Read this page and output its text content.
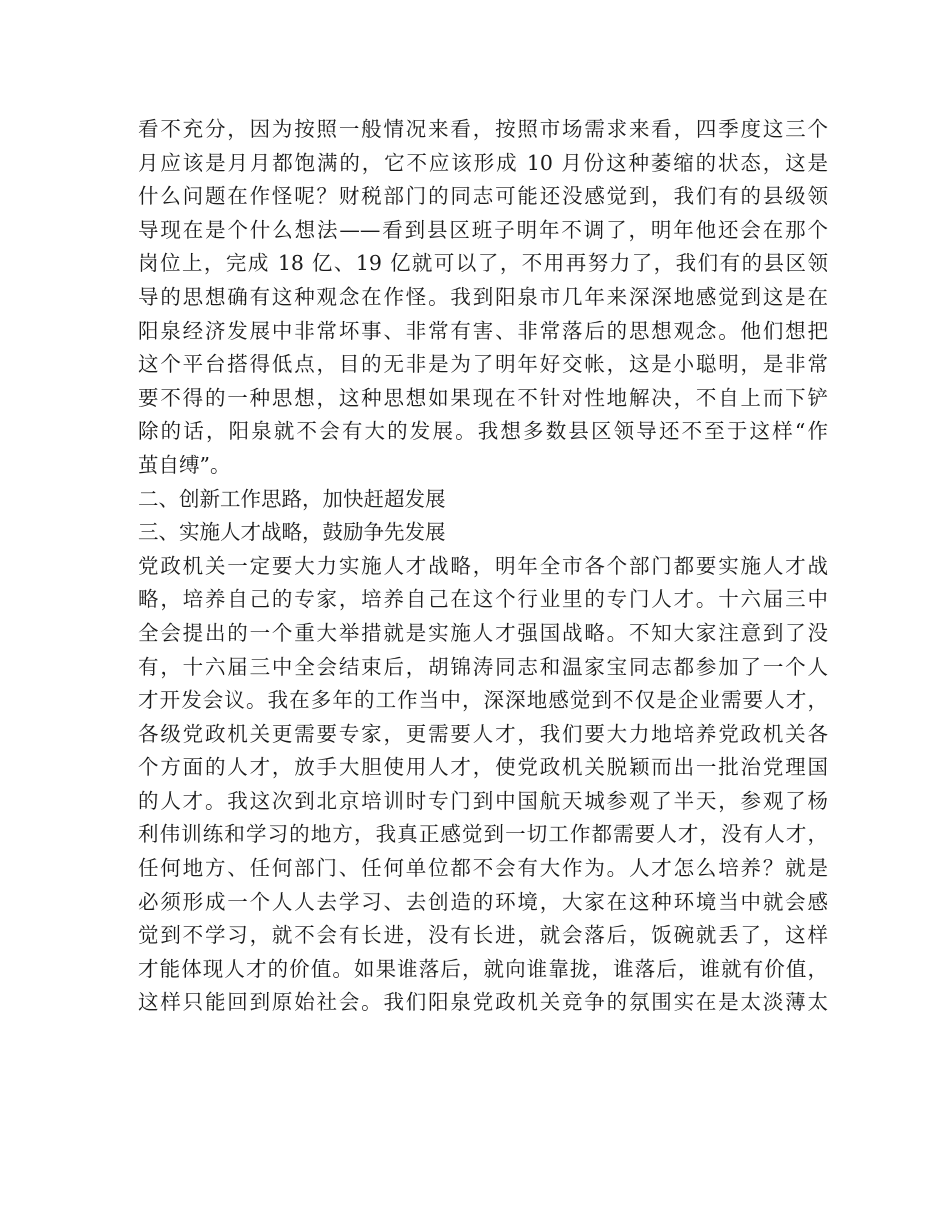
看不充分，因为按照一般情况来看，按照市场需求来看，四季度这三个
月应该是月月都饱满的，它不应该形成 10 月份这种萎缩的状态，这是
什么问题在作怪呢？财税部门的同志可能还没感觉到，我们有的县级领
导现在是个什么想法——看到县区班子明年不调了，明年他还会在那个
岗位上，完成 18 亿、19 亿就可以了，不用再努力了，我们有的县区领
导的思想确有这种观念在作怪。我到阳泉市几年来深深地感觉到这是在
阳泉经济发展中非常坏事、非常有害、非常落后的思想观念。他们想把
这个平台搭得低点，目的无非是为了明年好交帐，这是小聪明，是非常
要不得的一种思想，这种思想如果现在不针对性地解决，不自上而下铲
除的话，阳泉就不会有大的发展。我想多数县区领导还不至于这样“作
茧自缚”。
二、创新工作思路，加快赶超发展
三、实施人才战略，鼓励争先发展
党政机关一定要大力实施人才战略，明年全市各个部门都要实施人才战
略，培养自己的专家，培养自己在这个行业里的专门人才。十六届三中
全会提出的一个重大举措就是实施人才强国战略。不知大家注意到了没
有，十六届三中全会结束后，胡锦涛同志和温家宝同志都参加了一个人
才开发会议。我在多年的工作当中，深深地感觉到不仅是企业需要人才，
各级党政机关更需要专家，更需要人才，我们要大力地培养党政机关各
个方面的人才，放手大胆使用人才，使党政机关脱颖而出一批治党理国
的人才。我这次到北京培训时专门到中国航天城参观了半天，参观了杨
利伟训练和学习的地方，我真正感觉到一切工作都需要人才，没有人才，
任何地方、任何部门、任何单位都不会有大作为。人才怎么培养？就是
必须形成一个人人去学习、去创造的环境，大家在这种环境当中就会感
觉到不学习，就不会有长进，没有长进，就会落后，饭碗就丢了，这样
才能体现人才的价值。如果谁落后，就向谁靠拢，谁落后，谁就有价值，
这样只能回到原始社会。我们阳泉党政机关竞争的氛围实在是太淡薄太
